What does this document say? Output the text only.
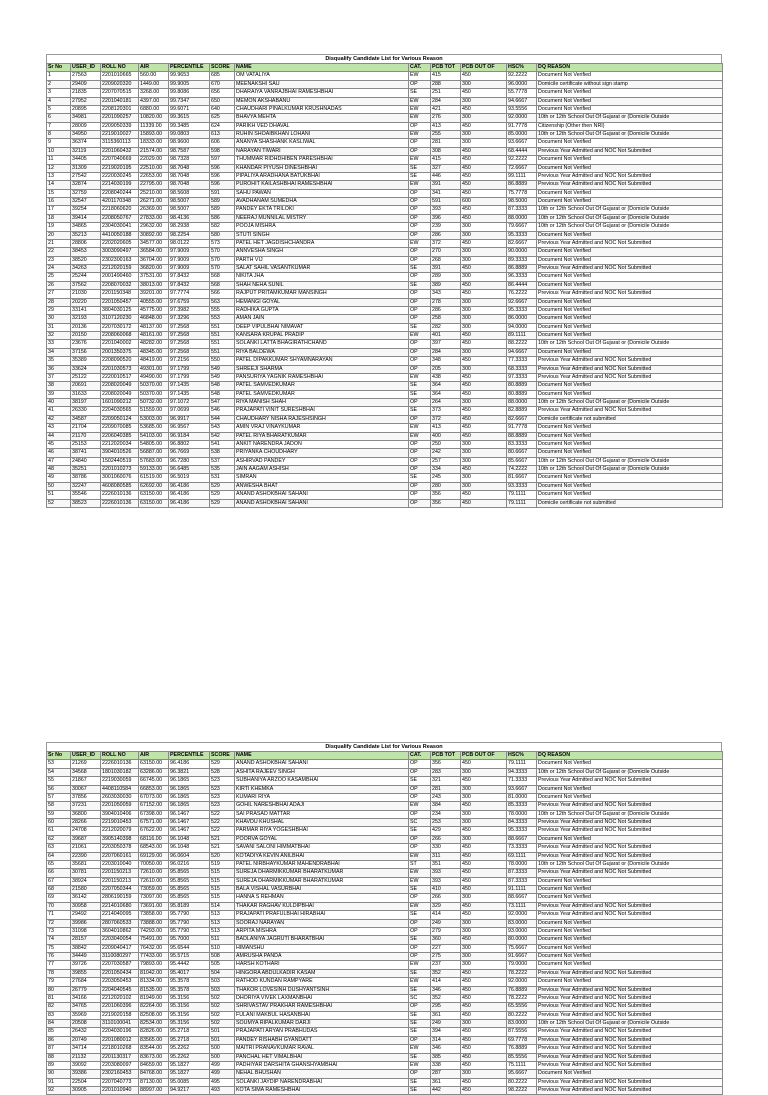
Disqualify Candidate List for Various Reason
Sr No	USER_ID	ROLL NO	AIR	PERCENTILE	SCORE	NAME	CAT.	PCB TOT	PCB OUT OF	HSC%	DQ REASON
1	27563	2201010665	560.00	99.9653	685	OM VATALIYA	EW	415	450	92.2222	Document Not Verified
2	29409	2209020320	1449.00	99.9005	670	MEENAKSHI SAU	OP	288	300	96.0000	Domicile certificate without sign stamp
3	21835	2207070515	3268.00	99.8086	656	DHARAIYA VANRAJBHAI RAMESHBHAI	SE	251	450	55.7778	Document Not Verified
4	27952	2201040181	4397.00	99.7347	650	MEMON AKSHABANU	EW	284	300	94.6667	Document Not Verified
5	20895	2208120301	6880.00	99.6071	640	CHAUDHARI PINALKUMAR KRUSHNADAS	EW	421	450	93.5556	Document Not Verified
6	34981	2201090257	10820.00	99.3615	625	BHAVYA MEHTA	EW	276	300	92.0000	10th or 12th School Out Of Gujarat or (Domicile Outside
7	28009	2209050339	11339.00	99.3485	624	PARIKH VED DHAVAL	OP	413	450	91.7778	Citizenship (Other then NRI)
8	34950	2219010027	15893.00	99.0803	613	RUHIN SHOAIBKHAN LOHANI	EW	255	300	85.0000	10th or 12th School Out Of Gujarat or (Domicile Outside
9	36374	3115360113	18333.00	98.9600	606	ANANYA SHASHANK KASLIWAL	OP	281	300	93.6667	Document Not Verified
10	32119	2201060432	21574.00	98.7587	598	NARAYAN TIWARI	OP	308	450	68.4444	Previous Year Admitted and NOC Not Submitted
11	34405	2207040669	22029.00	98.7328	597	THUMMAR RIDHDHIBEN PARESHBHAI	EW	415	450	92.2222	Document Not Verified
12	31309	2219020195	22510.00	98.7048	596	KHANDAR PIYUSH DINESHBHAI	SE	327	450	72.6667	Document Not Verified
13	27542	2220030245	22653.00	98.7048	596	PIPALIYA ARADHANA BATUKBHAI	SE	446	450	99.1111	Previous Year Admitted and NOC Not Submitted
14	32874	2214030199	22795.00	98.7048	596	PUROHIT KAILASHBHAI RAMESHBHAI	EW	391	450	86.8889	Previous Year Admitted and NOC Not Submitted
15	32759	2208040244	25210.00	98.5608	591	SAHU PAWAN	OP	341	450	75.7778	Document Not Verified
16	32547	4201170348	26271.00	98.5007	589	AVADHANAM SUMEDHA	OP	591	600	98.5000	Document Not Verified
17	39254	2218060620	26369.00	98.5007	589	PANDEY EKTA TRILOKI	OP	393	450	87.3333	10th or 12th School Out Of Gujarat or (Domicile Outside
18	39414	2208050767	27833.00	98.4136	586	NEERAJ MUNNILAL MISTRY	OP	396	450	88.0000	10th or 12th School Out Of Gujarat or (Domicile Outside
19	34865	2304030041	29632.00	98.2938	582	POOJA MISHRA	OP	239	300	79.6667	10th or 12th School Out Of Gujarat or (Domicile Outside
20	35213	4410050188	30892.00	98.2254	580	STUTI SINGH	OP	286	300	95.3333	Document Not Verified
21	28806	2202020605	34577.00	98.0122	573	PATEL HET JAGDISHCHANDRA	EW	372	450	82.6667	Previous Year Admitted and NOC Not Submitted
22	38453	3003090497	36584.00	97.9009	570	ANNVESHA SINGH	OP	270	300	90.0000	Document Not Verified
23	38520	2302300163	36704.00	97.9009	570	PARTH VIJ	OP	268	300	89.3333	Document Not Verified
24	34263	2212020159	36820.00	97.9009	570	SALAT SAHIL VASANTKUMAR	SE	391	450	86.8889	Previous Year Admitted and NOC Not Submitted
25	25244	2001490460	37531.00	97.8432	568	NIKITA JHA	OP	289	300	96.3333	Document Not Verified
26	37562	2208070032	38013.00	97.8432	568	SHAH NEHA SUNIL	SE	389	450	86.4444	Document Not Verified
27	21030	2201150348	39201.00	97.7774	566	RAJPUT PRITAMKUMAR MANSINGH	OP	343	450	76.2222	Previous Year Admitted and NOC Not Submitted
28	20220	2201050457	40555.00	97.6759	563	HEMANGI GOYAL	OP	278	300	92.6667	Document Not Verified
29	33141	3804030125	45775.00	97.3982	555	RADHIKA GUPTA	OP	286	300	95.3333	Document Not Verified
30	32193	3107120230	46848.00	97.3296	553	AMAN JAIN	OP	258	300	86.0000	Document Not Verified
31	20136	2207030172	48137.00	97.2568	551	DEEP VIPULBHAI NIMAVAT	SE	282	300	94.0000	Document Not Verified
32	20150	2208060068	48161.00	97.2568	551	KANSARA KRUPAL PRADIP	EW	401	450	89.1111	Document Not Verified
33	23676	2201040002	48282.00	97.2568	551	SOLANKI LATTA BHAGIRATHCHAND	OP	397	450	88.2222	10th or 12th School Out Of Gujarat or (Domicile Outside
34	37156	2001350375	48345.00	97.2568	551	RIYA BALDEWA	OP	284	300	94.6667	Document Not Verified
35	35389	2208090520	48419.00	97.2156	550	PATEL DIPAKKUMAR SHYAMNARAYAN	OP	348	450	77.3333	Previous Year Admitted and NOC Not Submitted
36	33624	2201030573	49301.00	97.1799	549	SHREEJI SHARMA	OP	205	300	68.3333	Previous Year Admitted and NOC Not Submitted
37	25122	2220010517	49490.00	97.1799	549	PANSURIYA YAGNIK RAMESHBHAI	EW	438	450	97.3333	Previous Year Admitted and NOC Not Submitted
38	20691	2208020049	50370.00	97.1435	548	PATEL SAMVEDKUMAR	SE	364	450	80.8889	Document Not Verified
39	31633	2208020049	50370.00	97.1435	548	PATEL SAMVEDKUMAR	SE	364	450	80.8889	Document Not Verified
40	38197	1601090212	50732.00	97.1072	547	RIYA MANISH SHAH	OP	264	300	88.0000	10th or 12th School Out Of Gujarat or (Domicile Outside
41	26330	2204030565	51559.00	97.0699	546	PRAJAPATI VINIT SURESHBHAI	SE	373	450	82.8889	Previous Year Admitted and NOC Not Submitted
42	34587	2209050124	53003.00	96.9917	544	CHAUDHARY NISHA RAJESHSINGH	OP	372	450	82.6667	Domicile certificate not submitted
43	21704	2209070085	53685.00	96.9567	543	AMIN VRAJ VINAYKUMAR	EW	413	450	91.7778	Document Not Verified
44	21170	2206040385	54103.00	96.9184	542	PATEL RIYA BHARATKUMAR	EW	400	450	88.8889	Document Not Verified
45	25153	2212020034	54805.00	96.8802	541	ANKIT NARENDRA JADON	OP	250	300	83.3333	Document Not Verified
46	38741	3904010526	56887.00	96.7669	538	PRIYANKA CHOUDHARY	OP	242	300	80.6667	Document Not Verified
47	24840	1502440519	57683.00	96.7280	537	ASHIRVAD PANDEY	OP	257	300	85.6667	10th or 12th School Out Of Gujarat or (Domicile Outside
48	35251	2201010273	59133.00	96.6485	535	JAIN AAGAM ASHISH	OP	334	450	74.2222	10th or 12th School Out Of Gujarat or (Domicile Outside
49	38786	3001060076	61519.00	96.5019	531	SIMRAN	SE	245	300	81.6667	Document Not Verified
50	32247	4608080585	62692.00	96.4186	529	ANWESHA BHAT	OP	280	300	93.3333	Document Not Verified
51	35546	2226010136	63150.00	96.4186	529	ANAND ASHOKBHAI SAHANI	OP	356	450	79.1111	Document Not Verified
52	38523	2226010136	63150.00	96.4186	529	ANAND ASHOKBHAI SAHANI	OP	356	450	79.1111	Domicile certificate not submitted
Disqualify Candidate List for Various Reason
Sr No	USER_ID	ROLL NO	AIR	PERCENTILE	SCORE	NAME	CAT.	PCB TOT	PCB OUT OF	HSC%	DQ REASON
53	21269	2226010136	63150.00	96.4186	529	ANAND ASHOKBHAI SAHANI	OP	356	450	79.1111	Document Not Verified
54	34568	1801030182	63286.00	96.3821	528	ASHITA RAJEEV SINGH	OP	283	300	94.3333	10th or 12th School Out Of Gujarat or (Domicile Outside
55	21867	2219030059	66745.00	96.1865	523	SUBHANIYA ARZOO KASAMBHAI	SE	321	450	71.3333	Previous Year Admitted and NOC Not Submitted
56	30067	4408110584	66853.00	96.1865	523	KIRTI KHEMKA	OP	281	300	93.6667	Document Not Verified
57	37856	2603030030	67073.00	96.1865	523	KUMARI RIYA	OP	243	300	81.0000	Document Not Verified
58	37231	2201050059	67152.00	96.1865	523	GOHIL NARESHBHAI ADAJI	EW	384	450	85.3333	Previous Year Admitted and NOC Not Submitted
59	36800	3904010406	67398.00	96.1467	522	SAI PRASAD MATTAR	OP	234	300	78.0000	10th or 12th School Out Of Gujarat or (Domicile Outside
60	28266	2219010453	67571.00	96.1467	522	KHAVDU KHUSHAL	SC	253	300	84.3333	Previous Year Admitted and NOC Not Submitted
61	24708	2212020079	67622.00	96.1467	522	PARMAR RIYA YOGESHBHAI	SE	429	450	95.3333	Previous Year Admitted and NOC Not Submitted
62	39687	3905140398	68116.00	96.1048	521	POORVA GOYAL	OP	266	300	88.6667	Document Not Verified
63	21061	2203050378	68543.00	96.1048	521	SAVANI SALONI HIMMATBHAI	OP	330	450	73.3333	Previous Year Admitted and NOC Not Submitted
64	22390	2207060161	69129.00	96.0604	520	KOTADIYA KEVIN ANILBHAI	EW	311	450	69.1111	Previous Year Admitted and NOC Not Submitted
65	35681	2203010040	70050.00	96.0216	519	PATEL NIRBHAYKUMAR MAHENDRABHAI	ST	351	450	78.0000	10th or 12th School Out Of Gujarat or (Domicile Outside
66	30781	2201150213	72610.00	95.8565	515	SUREJA DHARMIKKUMAR BHARATKUMAR	EW	393	450	87.3333	Previous Year Admitted and NOC Not Submitted
67	38924	2201150213	72610.00	95.8565	515	SUREJA DHARMIKKUMAR BHARATKUMAR	EW	393	450	87.3333	Document Not Verified
68	21580	2207050344	73059.00	95.8565	515	BALA VISHAL VASURBHAI	SE	410	450	91.1111	Document Not Verified
69	36142	2806190159	73097.00	95.8565	515	HANNA S REHMAN	OP	266	300	88.6667	Document Not Verified
70	30958	2214010680	73691.00	95.8189	514	THAKAR RAGHAV KULDIPBHAI	EW	329	450	73.1111	Previous Year Admitted and NOC Not Submitted
71	29492	2214040095	73858.00	95.7790	513	PRAJAPATI PRAFULBHAI HIRABHAI	SE	414	450	92.0000	Previous Year Admitted and NOC Not Submitted
72	39986	2807060533	73888.00	95.7790	513	SOORAJ NARAYAN	OP	249	300	83.0000	Document Not Verified
73	31098	3604010862	74293.00	95.7790	513	ARPITA MISHRA	OP	279	300	93.0000	Document Not Verified
74	28157	2203040054	75491.00	95.7000	511	BADLANIYA JAGRUTI BHARATBHAI	SE	360	450	80.0000	Document Not Verified
75	38842	2209040417	76432.00	95.6544	510	HIMANSHU	OP	227	300	75.6667	Document Not Verified
76	34449	3110080297	77433.00	95.5715	508	AMRUSHA PANDA	OP	275	300	91.6667	Document Not Verified
77	39726	2207030587	79893.00	95.4442	505	HARSH KOTHARI	EW	237	300	79.0000	Document Not Verified
78	39855	2201050434	81042.00	95.4017	504	HINGORA ABDULKADIR KASAM	SE	352	450	78.2222	Previous Year Admitted and NOC Not Submitted
79	27684	2203050453	81334.00	95.3578	503	RATHOD KUNDAN RAMPYARE	EW	414	450	92.0000	Document Not Verified
80	26779	2204040545	81535.00	95.3578	503	THAKOR LOVESINH DUSHYANTSINH	SE	346	450	76.8889	Previous Year Admitted and NOC Not Submitted
81	34166	2212020102	81949.00	95.3156	502	DHORIYA VIVEK LAXMANBHAI	SC	352	450	78.2222	Previous Year Admitted and NOC Not Submitted
82	34765	2201060396	82264.00	95.3156	502	SHRIVASTAV PRAKHAR RAMESHBHAI	OP	295	450	65.5556	Previous Year Admitted and NOC Not Submitted
83	35969	2219020158	82508.00	95.3156	502	FULANI MAKBUL HASANBHAI	SE	361	450	80.2222	Previous Year Admitted and NOC Not Submitted
84	20508	3110100041	82534.00	95.3156	502	SOUMYA RIPALKUMAR DARJI	SE	249	300	83.0000	10th or 12th School Out Of Gujarat or (Domicile Outside
85	26432	2204030196	82826.00	95.2718	501	PRAJAPATI ARYAN PRABHUDAS	SE	394	450	87.5556	Previous Year Admitted and NOC Not Submitted
86	20749	2201080012	83565.00	95.2718	501	PANDEY RISHABH GYANDATT	OP	314	450	69.7778	Previous Year Admitted and NOC Not Submitted
87	34714	2218010268	83544.00	95.2262	500	MAITRI PRANAVKUMAR RAVAL	EW	346	450	76.8889	Previous Year Admitted and NOC Not Submitted
88	21132	2201130317	83673.00	95.2262	500	PANCHAL HET VIMALBHAI	SE	385	450	85.5556	Previous Year Admitted and NOC Not Submitted
89	39092	2203080097	84659.00	95.1827	499	PADHIYAR DARSHITA GHANSHYAMBHAI	EW	338	450	75.1111	Previous Year Admitted and NOC Not Submitted
90	39386	2302160453	84768.00	95.1827	499	NEHAL BHUSHAN	OP	287	300	95.6667	Document Not Verified
91	22504	2207040773	87130.00	95.0085	495	SOLANKI JAYDIP NARENDRABHAI	SE	361	450	80.2222	Previous Year Admitted and NOC Not Submitted
92	30905	2201010940	88997.00	94.9217	493	KOTA SIMA RAMESHBHAI	SE	442	450	98.2222	Previous Year Admitted and NOC Not Submitted
